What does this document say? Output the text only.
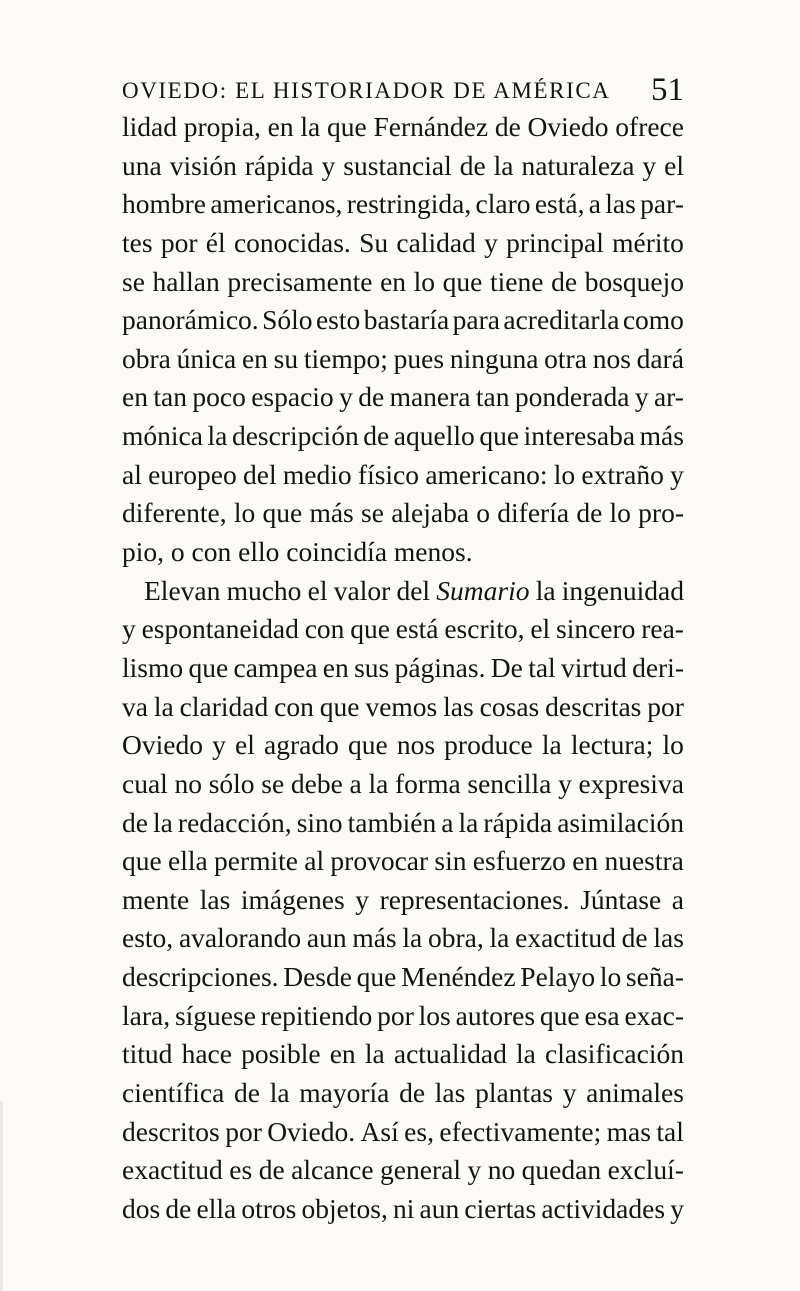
OVIEDO: EL HISTORIADOR DE AMÉRICA 51
lidad propia, en la que Fernández de Oviedo ofrece
una visión rápida y sustancial de la naturaleza y el
hombre americanos, restringida, claro está, a las par-
tes por él conocidas. Su calidad y principal mérito
se hallan precisamente en lo que tiene de bosquejo
panorámico. Sólo esto bastaría para acreditarla como
obra única en su tiempo; pues ninguna otra nos dará
en tan poco espacio y de manera tan ponderada y ar-
mónica la descripción de aquello que interesaba más
al europeo del medio físico americano: lo extraño y
diferente, lo que más se alejaba o difería de lo pro-
pio,
o
con
ello
coincidía
menos.
Elevan mucho el valor del Sumario la ingenuidad
y espontaneidad con que está escrito, el sincero rea-
lismo que campea en sus páginas. De tal virtud deri-
va la claridad con que vemos las cosas descritas por
Oviedo y el agrado que nos produce la lectura; lo
cual no sólo se debe a la forma sencilla y expresiva
de la redacción, sino también a la rápida asimilación
que ella permite al provocar sin esfuerzo en nuestra
mente las imágenes y representaciones. Júntase a
esto, avalorando aun más la obra, la exactitud de las
descripciones. Desde que Menéndez Pelayo lo seña-
lara, síguese repitiendo por los autores que esa exac-
titud hace posible en la actualidad la clasificación
científica de la mayoría de las plantas y animales
descritos por Oviedo. Así es, efectivamente; mas tal
exactitud es de alcance general y no quedan excluí-
dos de ella otros objetos, ni aun ciertas actividades y
